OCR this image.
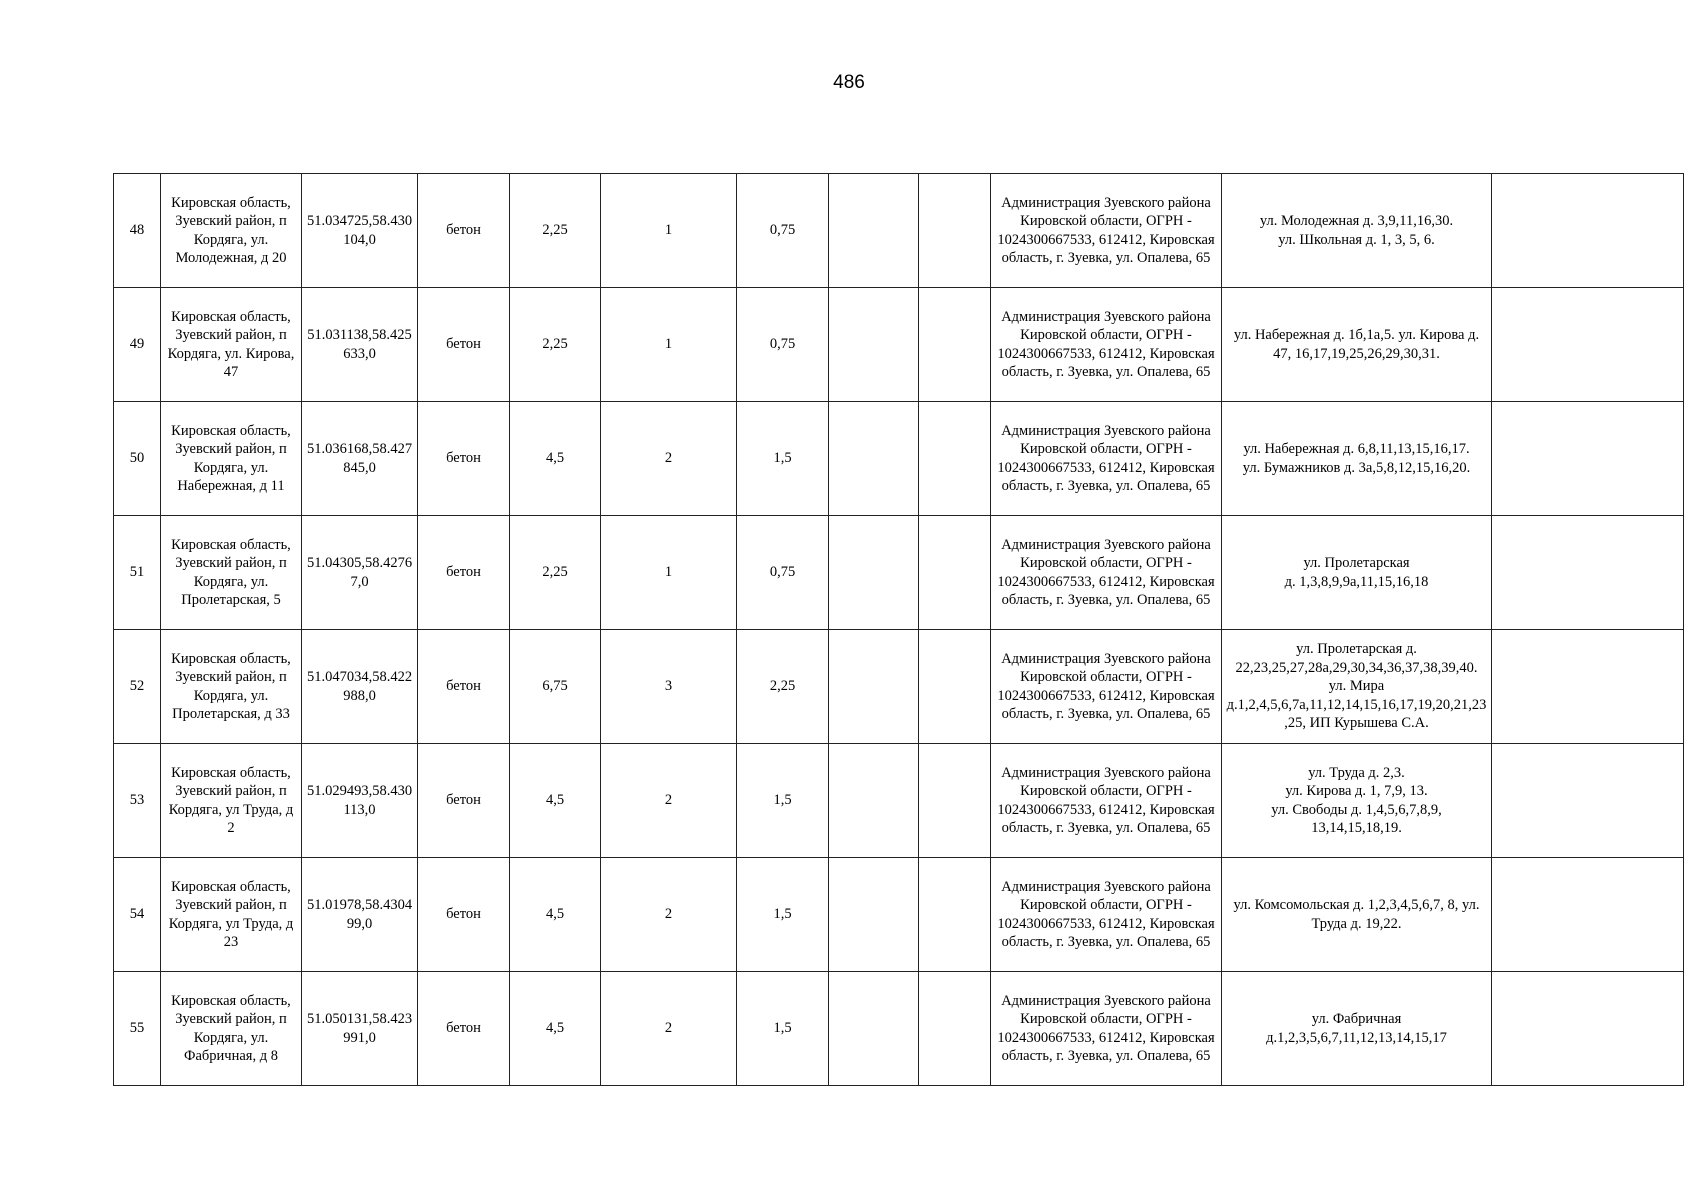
486
48	Кировская область, Зуевский район, п Кордяга, ул. Молодежная, д 20	51.034725,58.430104,0	бетон	2,25	1	0,75			Администрация Зуевского района Кировской области, ОГРН - 1024300667533, 612412, Кировская область, г. Зуевка, ул. Опалева, 65	ул. Молодежная д. 3,9,11,16,30.
ул. Школьная д. 1, 3, 5, 6.	
49	Кировская область, Зуевский район, п Кордяга, ул. Кирова, 47	51.031138,58.425633,0	бетон	2,25	1	0,75			Администрация Зуевского района Кировской области, ОГРН - 1024300667533, 612412, Кировская область, г. Зуевка, ул. Опалева, 65	ул. Набережная д. 1б,1а,5. ул. Кирова д. 47, 16,17,19,25,26,29,30,31.	
50	Кировская область, Зуевский район, п Кордяга, ул. Набережная, д 11	51.036168,58.427845,0	бетон	4,5	2	1,5			Администрация Зуевского района Кировской области, ОГРН - 1024300667533, 612412, Кировская область, г. Зуевка, ул. Опалева, 65	ул. Набережная д. 6,8,11,13,15,16,17.
ул. Бумажников д. 3а,5,8,12,15,16,20.	
51	Кировская область, Зуевский район, п Кордяга, ул. Пролетарская, 5	51.04305,58.42767,0	бетон	2,25	1	0,75			Администрация Зуевского района Кировской области, ОГРН - 1024300667533, 612412, Кировская область, г. Зуевка, ул. Опалева, 65	ул. Пролетарская
д. 1,3,8,9,9а,11,15,16,18	
52	Кировская область, Зуевский район, п Кордяга, ул. Пролетарская, д 33	51.047034,58.422988,0	бетон	6,75	3	2,25			Администрация Зуевского района Кировской области, ОГРН - 1024300667533, 612412, Кировская область, г. Зуевка, ул. Опалева, 65	ул. Пролетарская д. 22,23,25,27,28а,29,30,34,36,37,38,39,40. ул. Мира д.1,2,4,5,6,7а,11,12,14,15,16,17,19,20,21,23,25, ИП Курышева С.А.	
53	Кировская область, Зуевский район, п Кордяга, ул Труда, д 2	51.029493,58.430113,0	бетон	4,5	2	1,5			Администрация Зуевского района Кировской области, ОГРН - 1024300667533, 612412, Кировская область, г. Зуевка, ул. Опалева, 65	ул. Труда д. 2,3.
ул. Кирова д. 1, 7,9, 13.
ул. Свободы д. 1,4,5,6,7,8,9, 13,14,15,18,19.	
54	Кировская область, Зуевский район, п Кордяга, ул Труда, д 23	51.01978,58.430499,0	бетон	4,5	2	1,5			Администрация Зуевского района Кировской области, ОГРН - 1024300667533, 612412, Кировская область, г. Зуевка, ул. Опалева, 65	ул. Комсомольская д. 1,2,3,4,5,6,7, 8, ул. Труда д. 19,22.	
55	Кировская область, Зуевский район, п Кордяга, ул. Фабричная, д 8	51.050131,58.423991,0	бетон	4,5	2	1,5			Администрация Зуевского района Кировской области, ОГРН - 1024300667533, 612412, Кировская область, г. Зуевка, ул. Опалева, 65	ул. Фабричная
д.1,2,3,5,6,7,11,12,13,14,15,17	
